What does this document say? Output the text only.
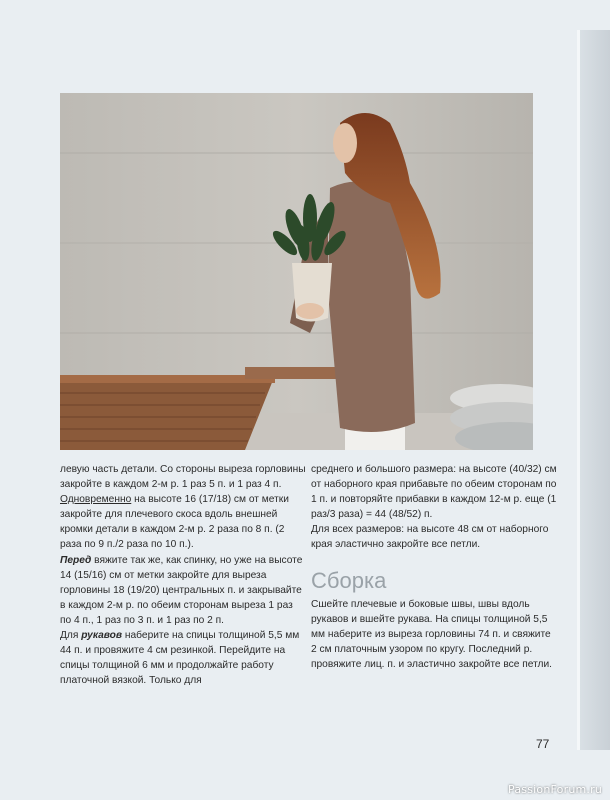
левую часть детали. Со стороны выреза горловины закройте в каждом 2-м р. 1 раз 5 п. и 1 раз 4 п. Одновременно на высоте 16 (17/18) см от метки закройте для плечевого скоса вдоль внешней кромки детали в каждом 2-м р. 2 раза по 8 п. (2 раза по 9 п./2 раза по 10 п.).

Перед вяжите так же, как спинку, но уже на высоте 14 (15/16) см от метки закройте для выреза горловины 18 (19/20) центральных п. и закрывайте в каждом 2-м р. по обеим сторонам выреза 1 раз по 4 п., 1 раз по 3 п. и 1 раз по 2 п.

Для рукавов наберите на спицы толщиной 5,5 мм 44 п. и провяжите 4 см резинкой. Перейдите на спицы толщиной 6 мм и продолжайте работу платочной вязкой. Только для

среднего и большого размера: на высоте (40/32) см от наборного края прибавьте по обеим сторонам по 1 п. и повторяйте прибавки в каждом 12-м р. еще (1 раз/3 раза) = 44 (48/52) п.

Для всех размеров: на высоте 48 см от наборного края эластично закройте все петли.

Сборка

Сшейте плечевые и боковые швы, швы вдоль рукавов и вшейте рукава. На спицы толщиной 5,5 мм наберите из выреза горловины 74 п. и свяжите 2 см платочным узором по кругу. Последний р. провяжите лиц. п. и эластично закройте все петли.

77
PassionForum.ru
